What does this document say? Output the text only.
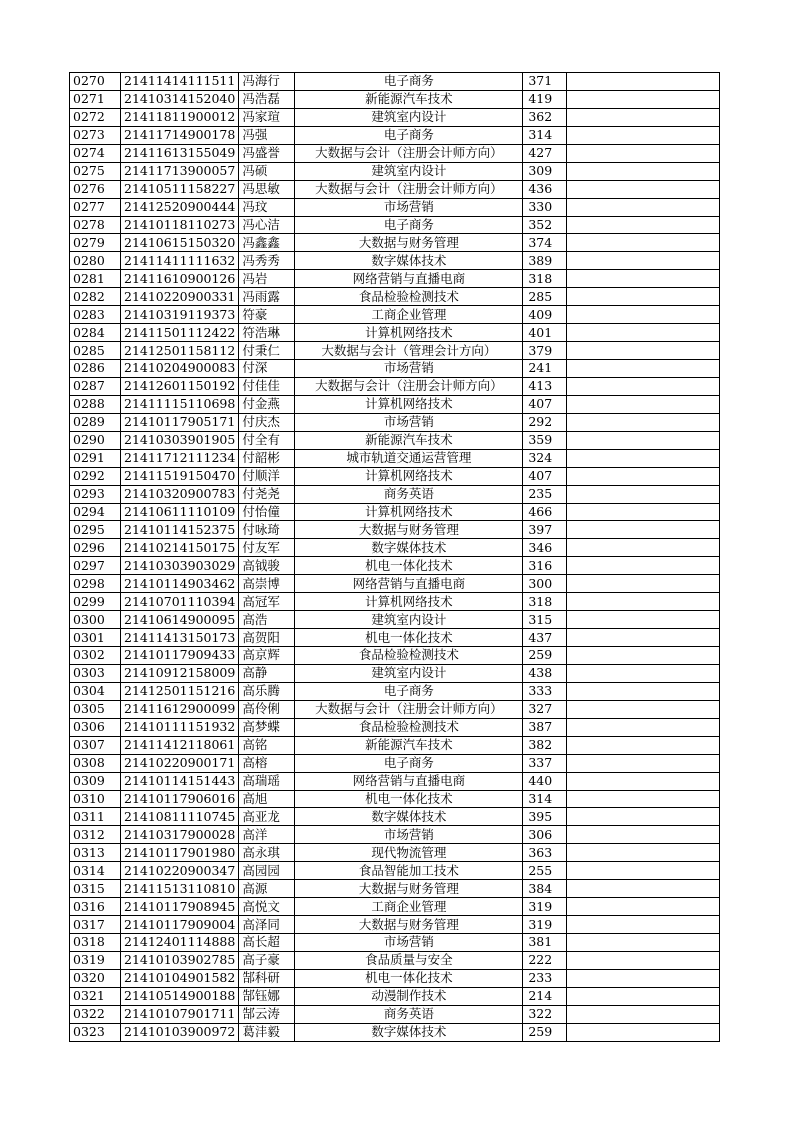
0270	21411414111511	冯海行	电子商务	371	
0271	21410314152040	冯浩磊	新能源汽车技术	419	
0272	21411811900012	冯家瑄	建筑室内设计	362	
0273	21411714900178	冯强	电子商务	314	
0274	21411613155049	冯盛誉	大数据与会计（注册会计师方向）	427	
0275	21411713900057	冯硕	建筑室内设计	309	
0276	21410511158227	冯思敏	大数据与会计（注册会计师方向）	436	
0277	21412520900444	冯玟	市场营销	330	
0278	21410118110273	冯心洁	电子商务	352	
0279	21410615150320	冯鑫鑫	大数据与财务管理	374	
0280	21411411111632	冯秀秀	数字媒体技术	389	
0281	21411610900126	冯岩	网络营销与直播电商	318	
0282	21410220900331	冯雨露	食品检验检测技术	285	
0283	21410319119373	符豪	工商企业管理	409	
0284	21411501112422	符浩琳	计算机网络技术	401	
0285	21412501158112	付秉仁	大数据与会计（管理会计方向）	379	
0286	21410204900083	付深	市场营销	241	
0287	21412601150192	付佳佳	大数据与会计（注册会计师方向）	413	
0288	21411115110698	付金燕	计算机网络技术	407	
0289	21410117905171	付庆杰	市场营销	292	
0290	21410303901905	付全有	新能源汽车技术	359	
0291	21411712111234	付韶彬	城市轨道交通运营管理	324	
0292	21411519150470	付顺洋	计算机网络技术	407	
0293	21410320900783	付尧尧	商务英语	235	
0294	21410611110109	付怡僮	计算机网络技术	466	
0295	21410114152375	付咏琦	大数据与财务管理	397	
0296	21410214150175	付友军	数字媒体技术	346	
0297	21410303903029	高钺骏	机电一体化技术	316	
0298	21410114903462	高崇博	网络营销与直播电商	300	
0299	21410701110394	高冠军	计算机网络技术	318	
0300	21410614900095	高浩	建筑室内设计	315	
0301	21411413150173	高贺阳	机电一体化技术	437	
0302	21410117909433	高京辉	食品检验检测技术	259	
0303	21410912158009	高静	建筑室内设计	438	
0304	21412501151216	高乐腾	电子商务	333	
0305	21411612900099	高伶俐	大数据与会计（注册会计师方向）	327	
0306	21410111151932	高梦蝶	食品检验检测技术	387	
0307	21411412118061	高铭	新能源汽车技术	382	
0308	21410220900171	高榕	电子商务	337	
0309	21410114151443	高瑞瑶	网络营销与直播电商	440	
0310	21410117906016	高旭	机电一体化技术	314	
0311	21410811110745	高亚龙	数字媒体技术	395	
0312	21410317900028	高洋	市场营销	306	
0313	21410117901980	高永琪	现代物流管理	363	
0314	21410220900347	高园园	食品智能加工技术	255	
0315	21411513110810	高源	大数据与财务管理	384	
0316	21410117908945	高悦文	工商企业管理	319	
0317	21410117909004	高泽同	大数据与财务管理	319	
0318	21412401114888	高长超	市场营销	381	
0319	21410103902785	高子豪	食品质量与安全	222	
0320	21410104901582	郜科研	机电一体化技术	233	
0321	21410514900188	郜钰娜	动漫制作技术	214	
0322	21410107901711	郜云涛	商务英语	322	
0323	21410103900972	葛沣毅	数字媒体技术	259	
